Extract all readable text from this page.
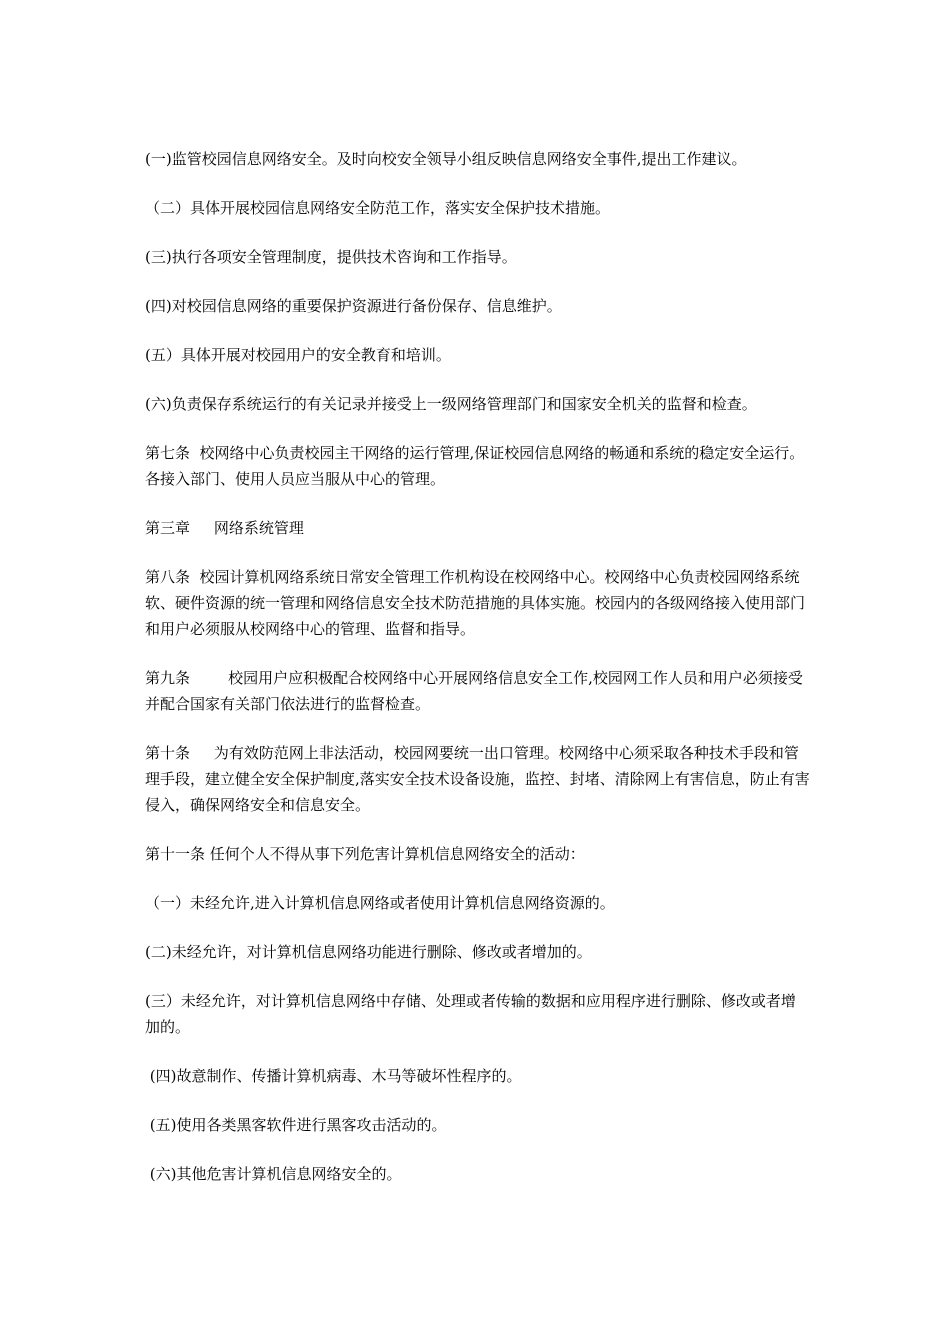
(一)监管校园信息网络安全。及时向校安全领导小组反映信息网络安全事件,提出工作建议。

（二）具体开展校园信息网络安全防范工作，落实安全保护技术措施。

(三)执行各项安全管理制度，提供技术咨询和工作指导。

(四)对校园信息网络的重要保护资源进行备份保存、信息维护。

(五）具体开展对校园用户的安全教育和培训。

(六)负责保存系统运行的有关记录并接受上一级网络管理部门和国家安全机关的监督和检查。

第七条  校网络中心负责校园主干网络的运行管理,保证校园信息网络的畅通和系统的稳定安全运行。各接入部门、使用人员应当服从中心的管理。

第三章     网络系统管理

第八条  校园计算机网络系统日常安全管理工作机构设在校网络中心。校网络中心负责校园网络系统软、硬件资源的统一管理和网络信息安全技术防范措施的具体实施。校园内的各级网络接入使用部门和用户必须服从校网络中心的管理、监督和指导。

第九条        校园用户应积极配合校网络中心开展网络信息安全工作,校园网工作人员和用户必须接受并配合国家有关部门依法进行的监督检查。

第十条     为有效防范网上非法活动，校园网要统一出口管理。校网络中心须采取各种技术手段和管理手段，建立健全安全保护制度,落实安全技术设备设施，监控、封堵、清除网上有害信息，防止有害侵入，确保网络安全和信息安全。

第十一条 任何个人不得从事下列危害计算机信息网络安全的活动：

（一）未经允许,进入计算机信息网络或者使用计算机信息网络资源的。

(二)未经允许，对计算机信息网络功能进行删除、修改或者增加的。

(三）未经允许，对计算机信息网络中存储、处理或者传输的数据和应用程序进行删除、修改或者增加的。

(四)故意制作、传播计算机病毒、木马等破坏性程序的。

(五)使用各类黑客软件进行黑客攻击活动的。

(六)其他危害计算机信息网络安全的。
